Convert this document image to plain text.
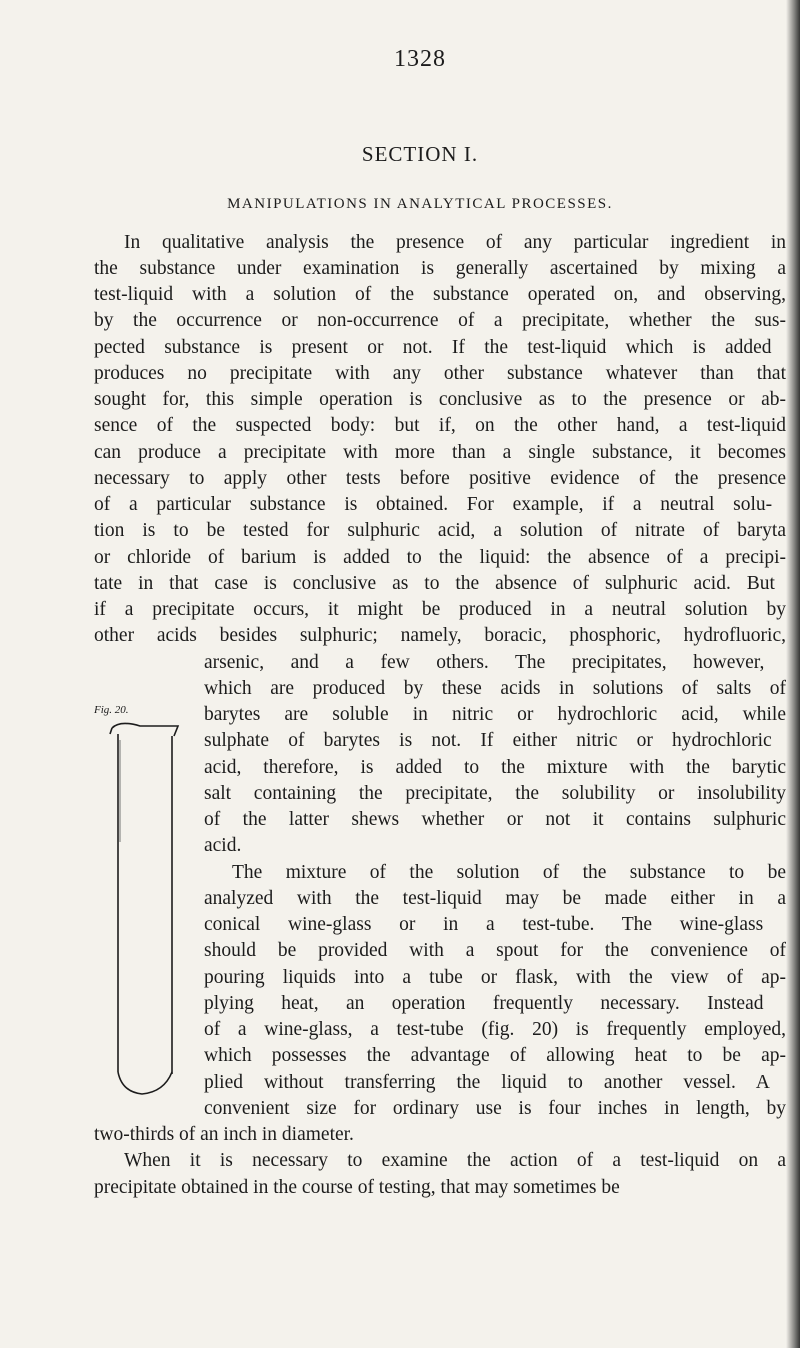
1328
SECTION I.
MANIPULATIONS IN ANALYTICAL PROCESSES.
Fig. 20.
In qualitative analysis the presence of any particular ingredient in
the substance under examination is generally ascertained by mixing a
test-liquid with a solution of the substance operated on, and observing,
by the occurrence or non-occurrence of a precipitate, whether the sus-
pected substance is present or not. If the test-liquid which is added
produces no precipitate with any other substance whatever than that
sought for, this simple operation is conclusive as to the presence or ab-
sence of the suspected body: but if, on the other hand, a test-liquid
can produce a precipitate with more than a single substance, it becomes
necessary to apply other tests before positive evidence of the presence
of a particular substance is obtained. For example, if a neutral solu-
tion is to be tested for sulphuric acid, a solution of nitrate of baryta
or chloride of barium is added to the liquid: the absence of a precipi-
tate in that case is conclusive as to the absence of sulphuric acid. But
if a precipitate occurs, it might be produced in a neutral solution by
other acids besides sulphuric; namely, boracic, phosphoric, hydrofluoric,
arsenic, and a few others. The precipitates, however,
which are produced by these acids in solutions of salts of
barytes are soluble in nitric or hydrochloric acid, while
sulphate of barytes is not. If either nitric or hydrochloric
acid, therefore, is added to the mixture with the barytic
salt containing the precipitate, the solubility or insolubility
of the latter shews whether or not it contains sulphuric
acid.
The mixture of the solution of the substance to be
analyzed with the test-liquid may be made either in a
conical wine-glass or in a test-tube. The wine-glass
should be provided with a spout for the convenience of
pouring liquids into a tube or flask, with the view of ap-
plying heat, an operation frequently necessary. Instead
of a wine-glass, a test-tube (fig. 20) is frequently employed,
which possesses the advantage of allowing heat to be ap-
plied without transferring the liquid to another vessel. A
convenient size for ordinary use is four inches in length, by
two-thirds of an inch in diameter.
When it is necessary to examine the action of a test-liquid on a
precipitate obtained in the course of testing, that may sometimes be
